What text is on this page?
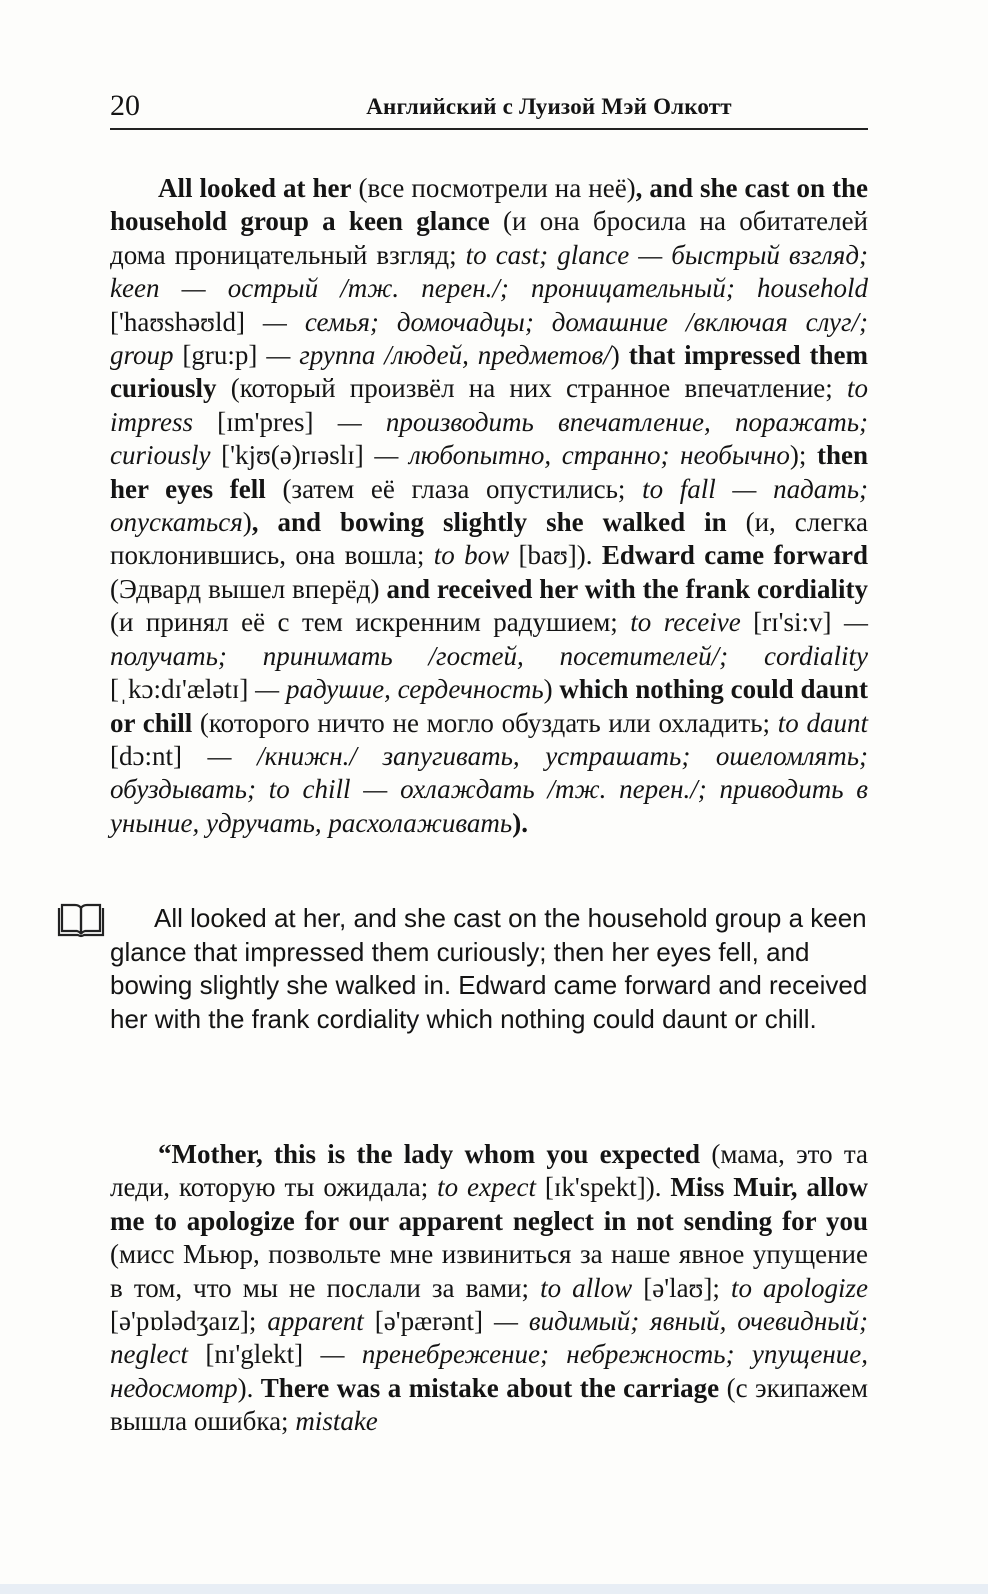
20	Английский с Луизой Мэй Олкотт

All looked at her (все посмотрели на неё), and she cast on the household group a keen glance (и она бросила на обитателей дома проницательный взгляд; to cast; glance — быстрый взгляд; keen — острый /тж. перен./; проницательный; household ['haʊshəʊld] — семья; домочадцы; домашние /включая слуг/; group [gru:p] — группа /людей, предметов/) that impressed them curiously (который произвёл на них странное впечатление; to impress [ɪm'pres] — производить впечатление, поражать; curiously ['kjʊ(ə)rɪəslɪ] — любопытно, странно; необычно); then her eyes fell (затем её глаза опустились; to fall — падать; опускаться), and bowing slightly she walked in (и, слегка поклонившись, она вошла; to bow [baʊ]). Edward came forward (Эдвард вышел вперёд) and received her with the frank cordiality (и принял её с тем искренним радушием; to receive [rɪ'si:v] — получать; принимать /гостей, посетителей/; cordiality [ˌkɔ:dɪ'ælətɪ] — радушие, сердечность) which nothing could daunt or chill (которого ничто не могло обуздать или охладить; to daunt [dɔ:nt] — /книжн./ запугивать, устрашать; ошеломлять; обуздывать; to chill — охлаждать /тж. перен./; приводить в уныние, удручать, расхолаживать).

All looked at her, and she cast on the household group a keen glance that impressed them curiously; then her eyes fell, and bowing slightly she walked in. Edward came forward and received her with the frank cordiality which nothing could daunt or chill.

“Mother, this is the lady whom you expected (мама, это та леди, которую ты ожидала; to expect [ɪk'spekt]). Miss Muir, allow me to apologize for our apparent neglect in not sending for you (мисс Мьюр, позвольте мне извиниться за наше явное упущение в том, что мы не послали за вами; to allow [ə'laʊ]; to apologize [ə'pɒlədʒaɪz]; apparent [ə'pærənt] — видимый; явный, очевидный; neglect [nɪ'glekt] — пренебрежение; небрежность; упущение, недосмотр). There was a mistake about the carriage (с экипажем вышла ошибка; mistake
